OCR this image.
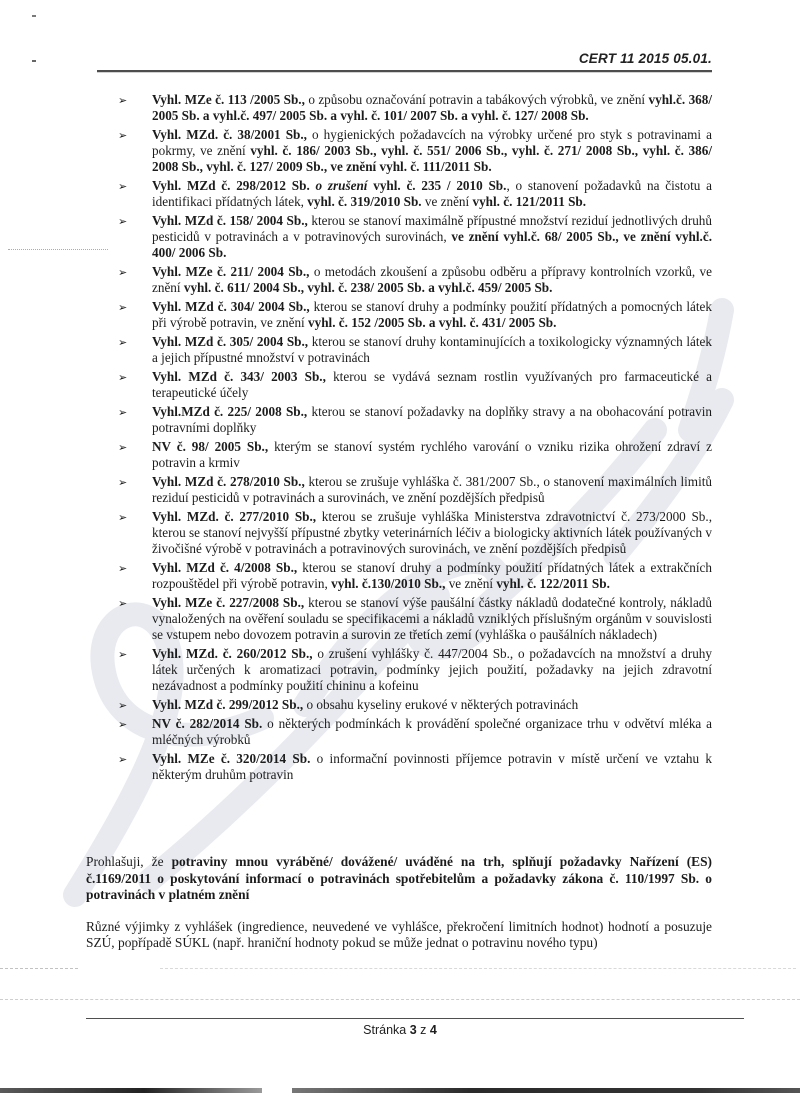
CERT 11 2015 05.01.
➢ Vyhl. MZe č. 113 /2005 Sb., o způsobu označování potravin a tabákových výrobků, ve znění vyhl.č. 368/ 2005 Sb. a vyhl.č. 497/ 2005 Sb. a vyhl. č. 101/ 2007 Sb. a vyhl. č. 127/ 2008 Sb.
➢ Vyhl. MZd. č. 38/2001 Sb., o hygienických požadavcích na výrobky určené pro styk s potravinami a pokrmy, ve znění vyhl. č. 186/ 2003 Sb., vyhl. č. 551/ 2006 Sb., vyhl. č. 271/ 2008 Sb., vyhl. č. 386/ 2008 Sb., vyhl. č. 127/ 2009 Sb., ve znění vyhl. č. 111/2011 Sb.
➢ Vyhl. MZd č. 298/2012 Sb. o zrušení vyhl. č. 235 / 2010 Sb., o stanovení požadavků na čistotu a identifikaci přídatných látek, vyhl. č. 319/2010 Sb. ve znění vyhl. č. 121/2011 Sb.
➢ Vyhl. MZd č. 158/ 2004 Sb., kterou se stanoví maximálně přípustné množství reziduí jednotlivých druhů pesticidů v potravinách a v potravinových surovinách, ve znění vyhl.č. 68/ 2005 Sb., ve znění vyhl.č. 400/ 2006 Sb.
➢ Vyhl. MZe č. 211/ 2004 Sb., o metodách zkoušení a způsobu odběru a přípravy kontrolních vzorků, ve znění vyhl. č. 611/ 2004 Sb., vyhl. č. 238/ 2005 Sb. a vyhl.č. 459/ 2005 Sb.
➢ Vyhl. MZd č. 304/ 2004 Sb., kterou se stanoví druhy a podmínky použití přídatných a pomocných látek při výrobě potravin, ve znění vyhl. č. 152 /2005 Sb. a vyhl. č. 431/ 2005 Sb.
➢ Vyhl. MZd č. 305/ 2004 Sb., kterou se stanoví druhy kontaminujících a toxikologicky významných látek a jejich přípustné množství v potravinách
➢ Vyhl. MZd č. 343/ 2003 Sb., kterou se vydává seznam rostlin využívaných pro farmaceutické a terapeutické účely
➢ Vyhl.MZd č. 225/ 2008 Sb., kterou se stanoví požadavky na doplňky stravy a na obohacování potravin potravními doplňky
➢ NV č. 98/ 2005 Sb., kterým se stanoví systém rychlého varování o vzniku rizika ohrožení zdraví z potravin a krmiv
➢ Vyhl. MZd č. 278/2010 Sb., kterou se zrušuje vyhláška č. 381/2007 Sb., o stanovení maximálních limitů reziduí pesticidů v potravinách a surovinách, ve znění pozdějších předpisů
➢ Vyhl. MZd. č. 277/2010 Sb., kterou se zrušuje vyhláška Ministerstva zdravotnictví č. 273/2000 Sb., kterou se stanoví nejvyšší přípustné zbytky veterinárních léčiv a biologicky aktivních látek používaných v živočišné výrobě v potravinách a potravinových surovinách, ve znění pozdějších předpisů
➢ Vyhl. MZd č. 4/2008 Sb., kterou se stanoví druhy a podmínky použití přídatných látek a extrakčních rozpouštědel při výrobě potravin, vyhl. č.130/2010 Sb., ve znění vyhl. č. 122/2011 Sb.
➢ Vyhl. MZe č. 227/2008 Sb., kterou se stanoví výše paušální částky nákladů dodatečné kontroly, nákladů vynaložených na ověření souladu se specifikacemi a nákladů vzniklých příslušným orgánům v souvislosti se vstupem nebo dovozem potravin a surovin ze třetích zemí (vyhláška o paušálních nákladech)
➢ Vyhl. MZd. č. 260/2012 Sb., o zrušení vyhlášky č. 447/2004 Sb., o požadavcích na množství a druhy látek určených k aromatizaci potravin, podmínky jejich použití, požadavky na jejich zdravotní nezávadnost a podmínky použití chininu a kofeinu
➢ Vyhl. MZd č. 299/2012 Sb., o obsahu kyseliny erukové v některých potravinách
➢ NV č. 282/2014 Sb. o některých podmínkách k provádění společné organizace trhu v odvětví mléka a mléčných výrobků
➢ Vyhl. MZe č. 320/2014 Sb. o informační povinnosti příjemce potravin v místě určení ve vztahu k některým druhům potravin

Prohlašuji, že potraviny mnou vyráběné/ dovážené/ uváděné na trh, splňují požadavky Nařízení (ES) č.1169/2011 o poskytování informací o potravinách spotřebitelům a požadavky zákona č. 110/1997 Sb. o potravinách v platném znění

Různé výjimky z vyhlášek (ingredience, neuvedené ve vyhlášce, překročení limitních hodnot) hodnotí a posuzuje SZÚ, popřípadě SÚKL (např. hraniční hodnoty pokud se může jednat o potravinu nového typu)

Stránka 3 z 4
